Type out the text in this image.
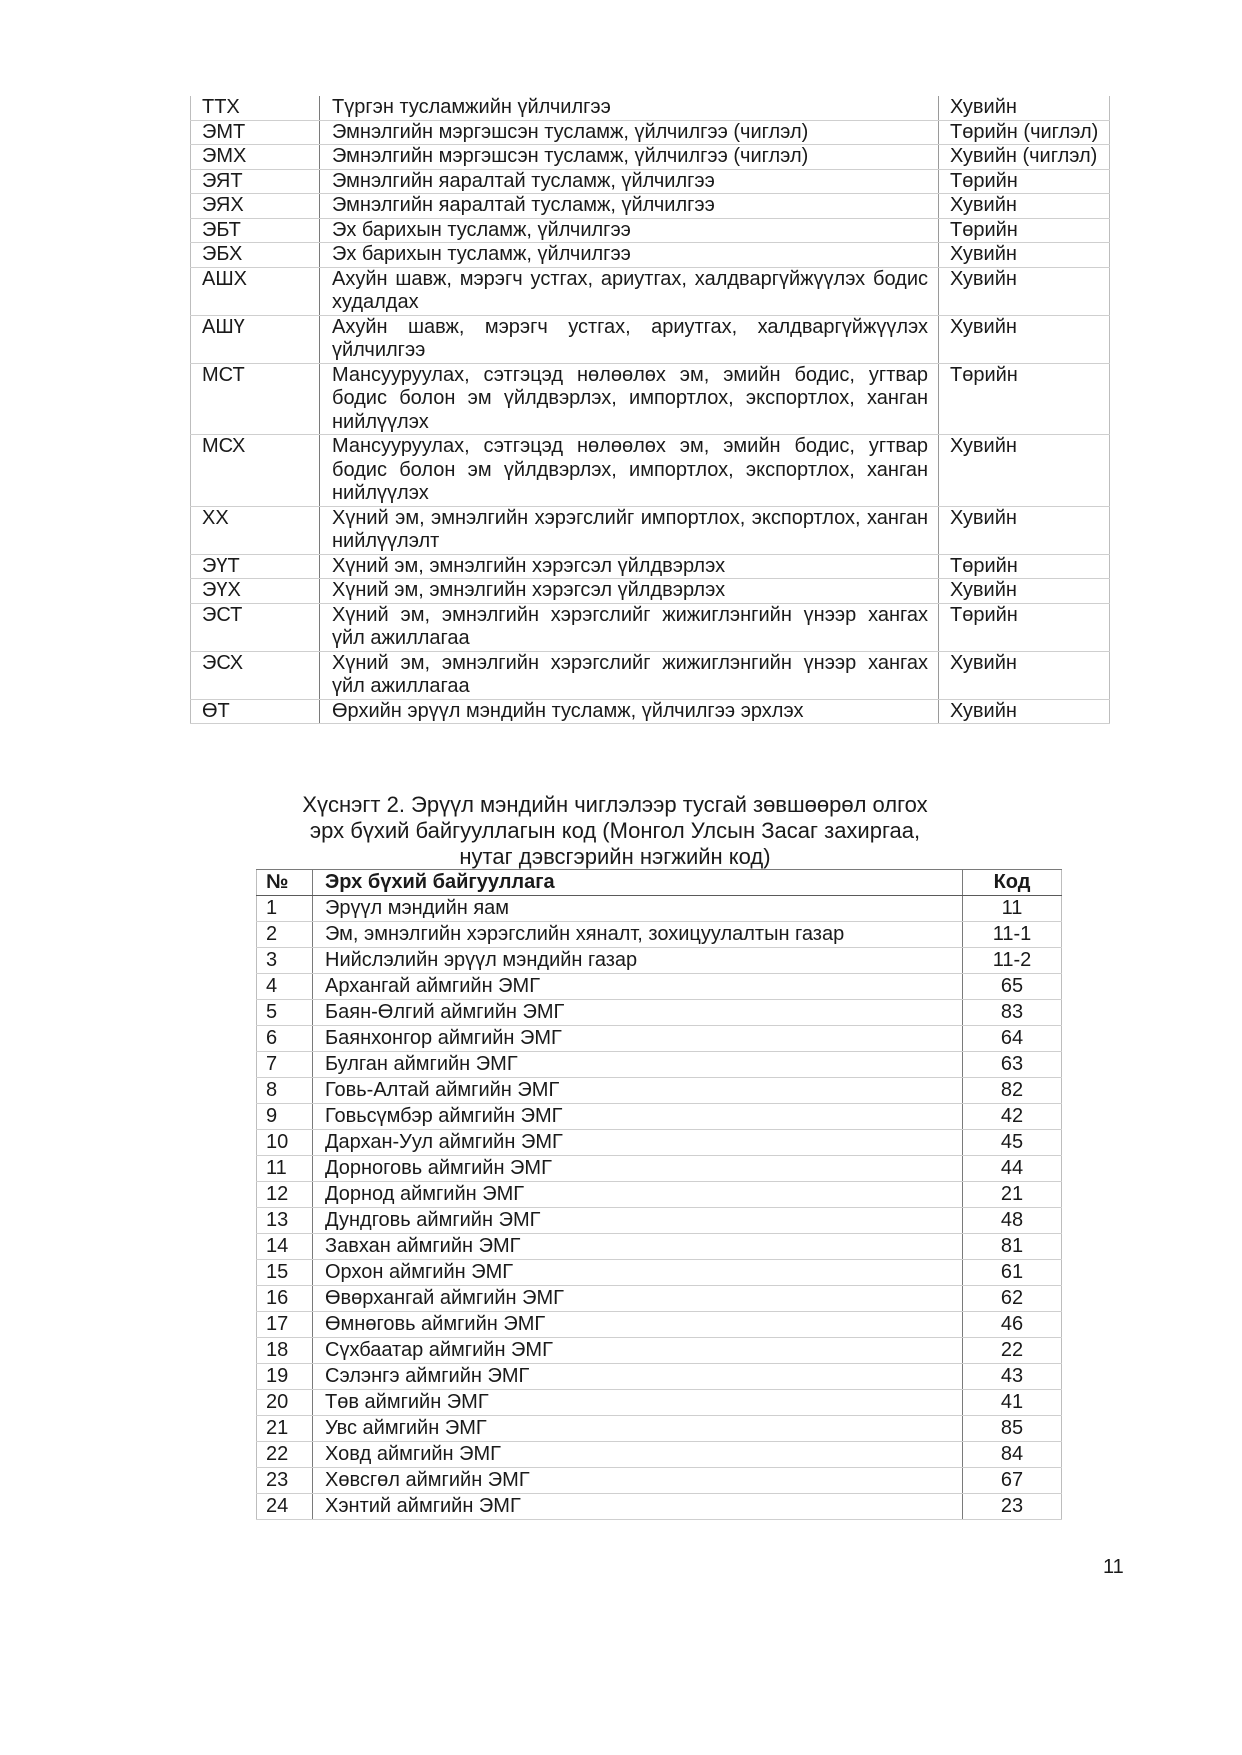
ТТХ	Түргэн тусламжийн үйлчилгээ	Хувийн
ЭМТ	Эмнэлгийн мэргэшсэн тусламж, үйлчилгээ (чиглэл)	Төрийн (чиглэл)
ЭМХ	Эмнэлгийн мэргэшсэн тусламж, үйлчилгээ (чиглэл)	Хувийн (чиглэл)
ЭЯТ	Эмнэлгийн яаралтай тусламж, үйлчилгээ	Төрийн
ЭЯХ	Эмнэлгийн яаралтай тусламж, үйлчилгээ	Хувийн
ЭБТ	Эх барихын тусламж, үйлчилгээ	Төрийн
ЭБХ	Эх барихын тусламж, үйлчилгээ	Хувийн
АШХ	Ахуйн шавж, мэрэгч устгах, ариутгах, халдваргүйжүүлэх бодис худалдах	Хувийн
АШҮ	Ахуйн шавж, мэрэгч устгах, ариутгах, халдваргүйжүүлэх үйлчилгээ	Хувийн
МСТ	Мансууруулах, сэтгэцэд нөлөөлөх эм, эмийн бодис, угтвар бодис болон эм үйлдвэрлэх, импортлох, экспортлох, ханган нийлүүлэх	Төрийн
МСХ	Мансууруулах, сэтгэцэд нөлөөлөх эм, эмийн бодис, угтвар бодис болон эм үйлдвэрлэх, импортлох, экспортлох, ханган нийлүүлэх	Хувийн
ХХ	Хүний эм, эмнэлгийн хэрэгслийг импортлох, экспортлох, ханган нийлүүлэлт	Хувийн
ЭҮТ	Хүний эм, эмнэлгийн хэрэгсэл үйлдвэрлэх	Төрийн
ЭҮХ	Хүний эм, эмнэлгийн хэрэгсэл үйлдвэрлэх	Хувийн
ЭСТ	Хүний эм, эмнэлгийн хэрэгслийг жижиглэнгийн үнээр хангах үйл ажиллагаа	Төрийн
ЭСХ	Хүний эм, эмнэлгийн хэрэгслийг жижиглэнгийн үнээр хангах үйл ажиллагаа	Хувийн
ӨТ	Өрхийн эрүүл мэндийн тусламж, үйлчилгээ эрхлэх	Хувийн
Хүснэгт 2. Эрүүл мэндийн чиглэлээр тусгай зөвшөөрөл олгох
эрх бүхий байгууллагын код (Монгол Улсын Засаг захиргаа,
нутаг дэвсгэрийн нэгжийн код)
№	Эрх бүхий байгууллага	Код
1	Эрүүл мэндийн яам	11
2	Эм, эмнэлгийн хэрэгслийн хяналт, зохицуулалтын газар	11-1
3	Нийслэлийн эрүүл мэндийн газар	11-2
4	Архангай аймгийн ЭМГ	65
5	Баян-Өлгий аймгийн ЭМГ	83
6	Баянхонгор аймгийн ЭМГ	64
7	Булган аймгийн ЭМГ	63
8	Говь-Алтай аймгийн ЭМГ	82
9	Говьсүмбэр аймгийн ЭМГ	42
10	Дархан-Уул аймгийн ЭМГ	45
11	Дорноговь аймгийн ЭМГ	44
12	Дорнод аймгийн ЭМГ	21
13	Дундговь аймгийн ЭМГ	48
14	Завхан аймгийн ЭМГ	81
15	Орхон аймгийн ЭМГ	61
16	Өвөрхангай аймгийн ЭМГ	62
17	Өмнөговь аймгийн ЭМГ	46
18	Сүхбаатар аймгийн ЭМГ	22
19	Сэлэнгэ аймгийн ЭМГ	43
20	Төв аймгийн ЭМГ	41
21	Увс аймгийн ЭМГ	85
22	Ховд аймгийн ЭМГ	84
23	Хөвсгөл аймгийн ЭМГ	67
24	Хэнтий аймгийн ЭМГ	23
11
